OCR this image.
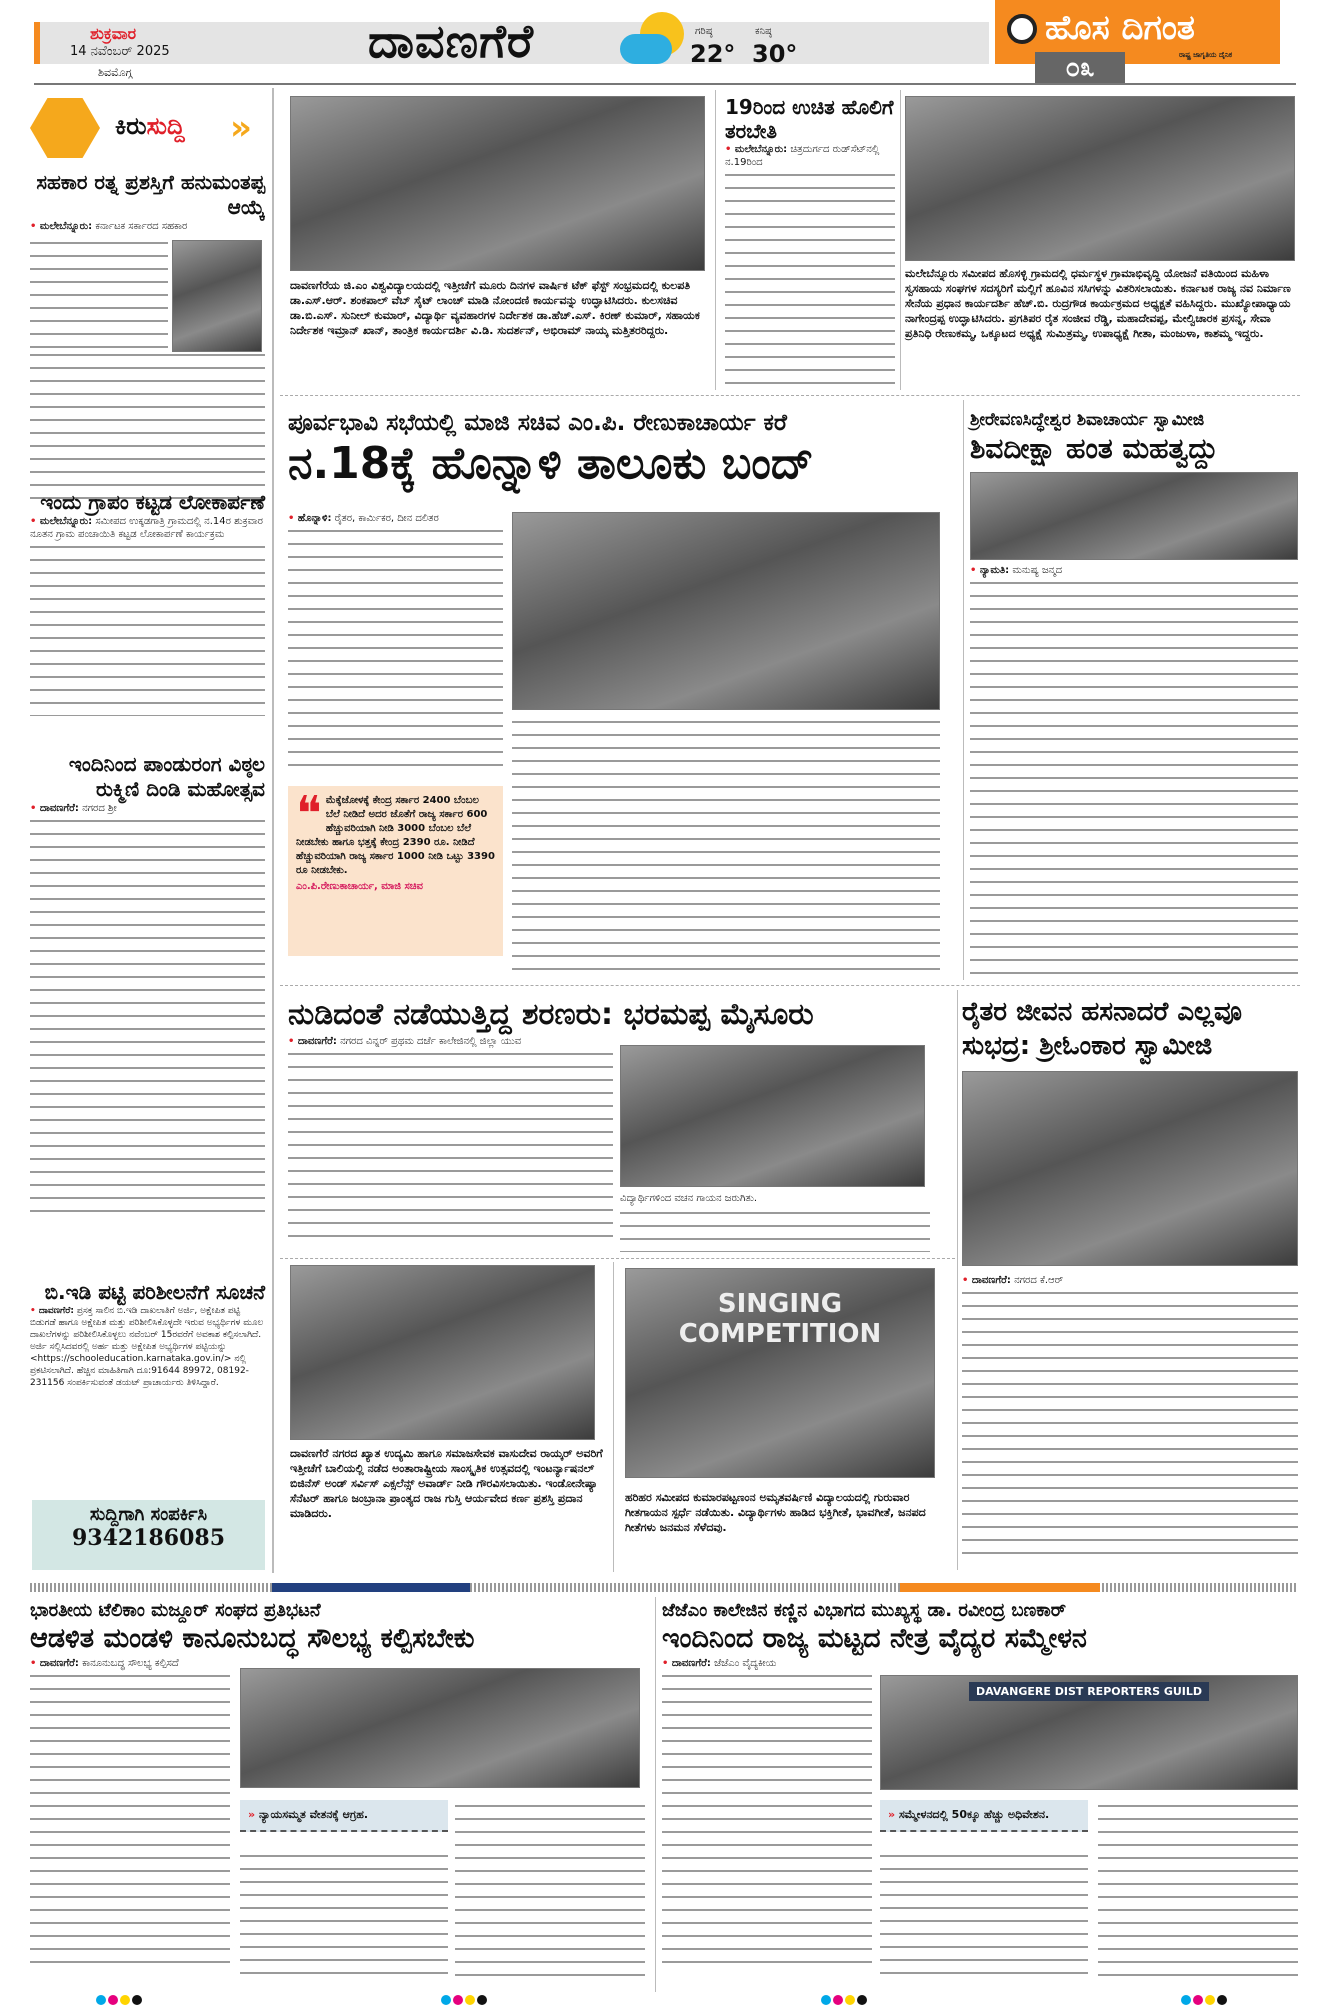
ಶುಕ್ರವಾರ
14 ನವೆಂಬರ್ 2025
ಶಿವಮೊಗ್ಗ
ದಾವಣಗೆರೆ	ಗರಿಷ್ಠ
22°
ಕನಿಷ್ಠ
30°
ಹೊಸ ದಿಗಂತ
ರಾಷ್ಟ್ರ ಜಾಗೃತಿಯ ದೈನಿಕ
೦೩
ಕಿರುಸುದ್ದಿ »
ಸಹಕಾರ ರತ್ನ ಪ್ರಶಸ್ತಿಗೆ ಹನುಮಂತಪ್ಪ ಆಯ್ಕೆ
• ಮಲೇಬೆನ್ನೂರು: ಕರ್ನಾಟಕ ಸರ್ಕಾರದ ಸಹಕಾರ
ಇಂದು ಗ್ರಾಪಂ ಕಟ್ಟಡ ಲೋಕಾರ್ಪಣೆ
• ಮಲೇಬೆನ್ನೂರು: ಸಮೀಪದ ಉಕ್ಕಡಗಾತ್ರಿ ಗ್ರಾಮದಲ್ಲಿ ನ.14ರ ಶುಕ್ರವಾರ ನೂತನ ಗ್ರಾಮ ಪಂಚಾಯಿತಿ ಕಟ್ಟಡ ಲೋಕಾರ್ಪಣೆ ಕಾರ್ಯಕ್ರಮ
ಇಂದಿನಿಂದ ಪಾಂಡುರಂಗ ವಿಠ್ಠಲ ರುಕ್ಮಿಣಿ ದಿಂಡಿ ಮಹೋತ್ಸವ
• ದಾವಣಗೆರೆ: ನಗರದ ಶ್ರೀ
ಬಿ.ಇಡಿ ಪಟ್ಟಿ ಪರಿಶೀಲನೆಗೆ ಸೂಚನೆ
• ದಾವಣಗೆರೆ: ಪ್ರಸಕ್ತ ಸಾಲಿನ ಬಿ.ಇಡಿ ದಾಖಲಾತಿಗೆ ಅರ್ಜಿ, ಅಕ್ಷೇಪಿತ ಪಟ್ಟಿ ಬಿಡುಗಡೆ ಹಾಗೂ ಅಕ್ಷೇಪಿತ ಮತ್ತು ಪರಿಶೀಲಿಸಿಕೊಳ್ಳದೇ ಇರುವ ಅಭ್ಯರ್ಥಿಗಳ ಮೂಲ ದಾಖಲೆಗಳನ್ನು ಪರಿಶೀಲಿಸಿಕೊಳ್ಳಲು ನವೆಂಬರ್ 15ರವರೆಗೆ ಅವಕಾಶ ಕಲ್ಪಿಸಲಾಗಿದೆ. ಅರ್ಜಿ ಸಲ್ಲಿಸಿದವರಲ್ಲಿ ಅರ್ಹ ಮತ್ತು ಅಕ್ಷೇಪಿತ ಅಭ್ಯರ್ಥಿಗಳ ಪಟ್ಟಿಯನ್ನು <https://schooleducation.karnataka.gov.in/> ನಲ್ಲಿ ಪ್ರಕಟಿಸಲಾಗಿದೆ. ಹೆಚ್ಚಿನ ಮಾಹಿತಿಗಾಗಿ ದೂ:91644 89972, 08192-231156 ಸಂಪರ್ಕಿಸುವಂತೆ ಡಯಟ್ ಪ್ರಾಚಾರ್ಯರು ತಿಳಿಸಿದ್ದಾರೆ.
ಸುದ್ದಿಗಾಗಿ ಸಂಪರ್ಕಿಸಿ
9342186085
ದಾವಣಗೆರೆಯ ಜಿ.ಎಂ ವಿಶ್ವವಿದ್ಯಾಲಯದಲ್ಲಿ ಇತ್ತೀಚೆಗೆ ಮೂರು ದಿನಗಳ ವಾರ್ಷಿಕ ಟೆಕ್ ಫೆಸ್ಟ್ ಸಂಭ್ರಮದಲ್ಲಿ ಕುಲಪತಿ ಡಾ.ಎಸ್.ಆರ್. ಶಂಕಪಾಲ್ ವೆಬ್ ಸೈಟ್ ಲಾಂಚ್ ಮಾಡಿ ನೋಂದಣಿ ಕಾರ್ಯವನ್ನು ಉದ್ಘಾಟಿಸಿದರು. ಕುಲಸಚಿವ ಡಾ.ಬಿ.ಎಸ್. ಸುನೀಲ್ ಕುಮಾರ್, ವಿದ್ಯಾರ್ಥಿ ವ್ಯವಹಾರಗಳ ನಿರ್ದೇಶಕ ಡಾ.ಹೆಚ್.ಎಸ್. ಕಿರಣ್ ಕುಮಾರ್, ಸಹಾಯಕ ನಿರ್ದೇಶಕ ಇಮ್ರಾನ್ ಖಾನ್, ತಾಂತ್ರಿಕ ಕಾರ್ಯದರ್ಶಿ ವಿ.ಡಿ. ಸುದರ್ಶನ್, ಅಭಿರಾಮ್ ನಾಯ್ಕ ಮತ್ತಿತರರಿದ್ದರು.
19ರಿಂದ ಉಚಿತ ಹೊಲಿಗೆ ತರಬೇತಿ
• ಮಲೇಬೆನ್ನೂರು: ಚಿತ್ರದುರ್ಗದ ರುಡ್‌ಸೆಟ್‌ನಲ್ಲಿ ನ.19ರಿಂದ
ಮಲೇಬೆನ್ನೂರು ಸಮೀಪದ ಹೊಸಳ್ಳಿ ಗ್ರಾಮದಲ್ಲಿ ಧರ್ಮಸ್ಥಳ ಗ್ರಾಮಾಭಿವೃದ್ಧಿ ಯೋಜನೆ ವತಿಯಿಂದ ಮಹಿಳಾ ಸ್ವಸಹಾಯ ಸಂಘಗಳ ಸದಸ್ಯರಿಗೆ ಮಲ್ಲಿಗೆ ಹೂವಿನ ಸಸಿಗಳನ್ನು ವಿತರಿಸಲಾಯಿತು. ಕರ್ನಾಟಕ ರಾಜ್ಯ ನವ ನಿರ್ಮಾಣ ಸೇನೆಯ ಪ್ರಧಾನ ಕಾರ್ಯದರ್ಶಿ ಹೆಚ್.ಬಿ. ರುದ್ರಗೌಡ ಕಾರ್ಯಕ್ರಮದ ಅಧ್ಯಕ್ಷತೆ ವಹಿಸಿದ್ದರು. ಮುಖ್ಯೋಪಾಧ್ಯಾಯ ನಾಗೇಂದ್ರಪ್ಪ ಉದ್ಘಾಟಿಸಿದರು. ಪ್ರಗತಿಪರ ರೈತ ಸಂಜೀವ ರೆಡ್ಡಿ, ಮಹಾದೇವಪ್ಪ, ಮೇಲ್ವಿಚಾರಕ ಪ್ರಸನ್ನ, ಸೇವಾ ಪ್ರತಿನಿಧಿ ರೇಣುಕಮ್ಮ, ಒಕ್ಕೂಟದ ಅಧ್ಯಕ್ಷೆ ಸುಮಿತ್ರಮ್ಮ, ಉಪಾಧ್ಯಕ್ಷೆ ಗೀತಾ, ಮಂಜುಳಾ, ಕಾಶಮ್ಮ ಇದ್ದರು.
ಪೂರ್ವಭಾವಿ ಸಭೆಯಲ್ಲಿ ಮಾಜಿ ಸಚಿವ ಎಂ.ಪಿ. ರೇಣುಕಾಚಾರ್ಯ ಕರೆ
ನ.18ಕ್ಕೆ ಹೊನ್ನಾಳಿ ತಾಲೂಕು ಬಂದ್
• ಹೊನ್ನಾಳಿ: ರೈತರ, ಕಾರ್ಮಿಕರ, ದೀನ ದಲಿತರ
❝ ಮೆಕ್ಕೆಜೋಳಕ್ಕೆ ಕೇಂದ್ರ ಸರ್ಕಾರ 2400 ಬೆಂಬಲ ಬೆಲೆ ನೀಡಿದೆ ಅದರ ಜೊತೆಗೆ ರಾಜ್ಯ ಸರ್ಕಾರ 600 ಹೆಚ್ಚುವರಿಯಾಗಿ ನೀಡಿ 3000 ಬೆಂಬಲ ಬೆಲೆ ನೀಡಬೇಕು ಹಾಗೂ ಭತ್ತಕ್ಕೆ ಕೇಂದ್ರ 2390 ರೂ. ನೀಡಿದೆ ಹೆಚ್ಚುವರಿಯಾಗಿ ರಾಜ್ಯ ಸರ್ಕಾರ 1000 ನೀಡಿ ಒಟ್ಟು 3390 ರೂ ನೀಡಬೇಕು.
ಎಂ.ಪಿ.ರೇಣುಕಾಚಾರ್ಯ, ಮಾಜಿ ಸಚಿವ
ಶ್ರೀರೇವಣಸಿದ್ಧೇಶ್ವರ ಶಿವಾಚಾರ್ಯ ಸ್ವಾಮೀಜಿ
ಶಿವದೀಕ್ಷಾ ಹಂತ ಮಹತ್ವದ್ದು
• ನ್ಯಾಮತಿ: ಮನುಷ್ಯ ಜನ್ಮದ
ನುಡಿದಂತೆ ನಡೆಯುತ್ತಿದ್ದ ಶರಣರು: ಭರಮಪ್ಪ ಮೈಸೂರು
• ದಾವಣಗೆರೆ: ನಗರದ ವಿನ್ನರ್ ಪ್ರಥಮ ದರ್ಜೆ ಕಾಲೇಜಿನಲ್ಲಿ ಜಿಲ್ಲಾ ಯುವ
ವಿದ್ಯಾರ್ಥಿಗಳಿಂದ ವಚನ ಗಾಯನ ಜರುಗಿತು.
ರೈತರ ಜೀವನ ಹಸನಾದರೆ ಎಲ್ಲವೂ ಸುಭದ್ರ: ಶ್ರೀಓಂಕಾರ ಸ್ವಾಮೀಜಿ
• ದಾವಣಗೆರೆ: ನಗರದ ಕೆ.ಆರ್
ದಾವಣಗೆರೆ ನಗರದ ಖ್ಯಾತ ಉದ್ಯಮಿ ಹಾಗೂ ಸಮಾಜಸೇವಕ ವಾಸುದೇವ ರಾಯ್ಕರ್ ಅವರಿಗೆ ಇತ್ತೀಚೆಗೆ ಬಾಲಿಯಲ್ಲಿ ನಡೆದ ಅಂತಾರಾಷ್ಟ್ರೀಯ ಸಾಂಸ್ಕೃತಿಕ ಉತ್ಸವದಲ್ಲಿ ಇಂಟರ್ನ್ಯಾಷನಲ್ ಬಿಜಿನೆಸ್ ಅಂಡ್ ಸರ್ವಿಸ್ ಎಕ್ಸಲೆನ್ಸ್ ಅವಾರ್ಡ್ ನೀಡಿ ಗೌರವಿಸಲಾಯಿತು. ಇಂಡೋನೇಷ್ಯಾ ಸೆನೆಟರ್ ಹಾಗೂ ಜಂಬ್ರಾನಾ ಪ್ರಾಂತ್ಯದ ರಾಜ ಗುಸ್ತಿ ಆರ್ಯವೇದ ಕರ್ಣ ಪ್ರಶಸ್ತಿ ಪ್ರದಾನ ಮಾಡಿದರು.
SINGING COMPETITION
ಹರಿಹರ ಸಮೀಪದ ಕುಮಾರಪಟ್ಟಣಂನ ಅಮೃತವರ್ಷಿಣಿ ವಿದ್ಯಾಲಯದಲ್ಲಿ ಗುರುವಾರ ಗೀತಗಾಯನ ಸ್ಪರ್ಧೆ ನಡೆಯಿತು. ವಿದ್ಯಾರ್ಥಿಗಳು ಹಾಡಿದ ಭಕ್ತಿಗೀತೆ, ಭಾವಗೀತೆ, ಜನಪದ ಗೀತೆಗಳು ಜನಮನ ಸೆಳೆದವು.
ಭಾರತೀಯ ಟೆಲಿಕಾಂ ಮಜ್ದೂರ್ ಸಂಘದ ಪ್ರತಿಭಟನೆ
ಆಡಳಿತ ಮಂಡಳಿ ಕಾನೂನುಬದ್ಧ ಸೌಲಭ್ಯ ಕಲ್ಪಿಸಬೇಕು
• ದಾವಣಗೆರೆ: ಕಾನೂನುಬದ್ಧ ಸೌಲಭ್ಯ ಕಲ್ಪಿಸದೆ
» ನ್ಯಾಯಸಮ್ಮತ ವೇತನಕ್ಕೆ ಆಗ್ರಹ.
ಜೆಜೆಎಂ ಕಾಲೇಜಿನ ಕಣ್ಣಿನ ವಿಭಾಗದ ಮುಖ್ಯಸ್ಥ ಡಾ. ರವೀಂದ್ರ ಬಣಕಾರ್
ಇಂದಿನಿಂದ ರಾಜ್ಯ ಮಟ್ಟದ ನೇತ್ರ ವೈದ್ಯರ ಸಮ್ಮೇಳನ
• ದಾವಣಗೆರೆ: ಜೆಜೆಎಂ ವೈದ್ಯಕೀಯ
DAVANGERE DIST REPORTERS GUILD
» ಸಮ್ಮೇಳನದಲ್ಲಿ 50ಕ್ಕೂ ಹೆಚ್ಚು ಅಧಿವೇಶನ.
